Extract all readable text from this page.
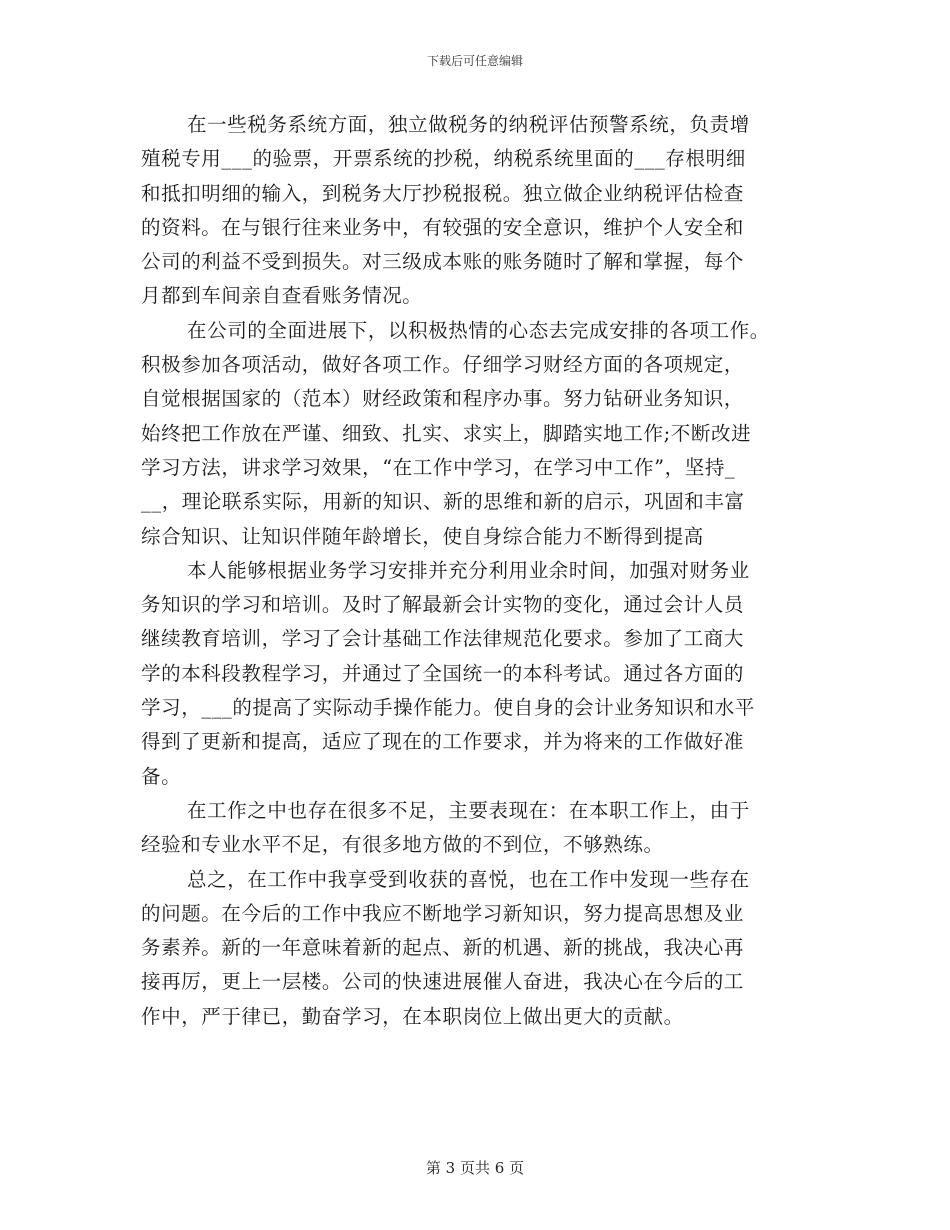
下载后可任意编辑
在一些税务系统方面，独立做税务的纳税评估预警系统，负责增
殖税专用___的验票，开票系统的抄税，纳税系统里面的___存根明细
和抵扣明细的输入，到税务大厅抄税报税。独立做企业纳税评估检查
的资料。在与银行往来业务中，有较强的安全意识，维护个人安全和
公司的利益不受到损失。对三级成本账的账务随时了解和掌握，每个
月都到车间亲自查看账务情况。
在公司的全面进展下，以积极热情的心态去完成安排的各项工作。
积极参加各项活动，做好各项工作。仔细学习财经方面的各项规定，
自觉根据国家的（范本）财经政策和程序办事。努力钻研业务知识，
始终把工作放在严谨、细致、扎实、求实上，脚踏实地工作;不断改进
学习方法，讲求学习效果，“在工作中学习，在学习中工作”，坚持_
__，理论联系实际，用新的知识、新的思维和新的启示，巩固和丰富
综合知识、让知识伴随年龄增长，使自身综合能力不断得到提高
本人能够根据业务学习安排并充分利用业余时间，加强对财务业
务知识的学习和培训。及时了解最新会计实物的变化，通过会计人员
继续教育培训，学习了会计基础工作法律规范化要求。参加了工商大
学的本科段教程学习，并通过了全国统一的本科考试。通过各方面的
学习，___的提高了实际动手操作能力。使自身的会计业务知识和水平
得到了更新和提高，适应了现在的工作要求，并为将来的工作做好准
备。
在工作之中也存在很多不足，主要表现在：在本职工作上，由于
经验和专业水平不足，有很多地方做的不到位，不够熟练。
总之，在工作中我享受到收获的喜悦，也在工作中发现一些存在
的问题。在今后的工作中我应不断地学习新知识，努力提高思想及业
务素养。新的一年意味着新的起点、新的机遇、新的挑战，我决心再
接再厉，更上一层楼。公司的快速进展催人奋进，我决心在今后的工
作中，严于律已，勤奋学习，在本职岗位上做出更大的贡献。
第 3 页共 6 页
